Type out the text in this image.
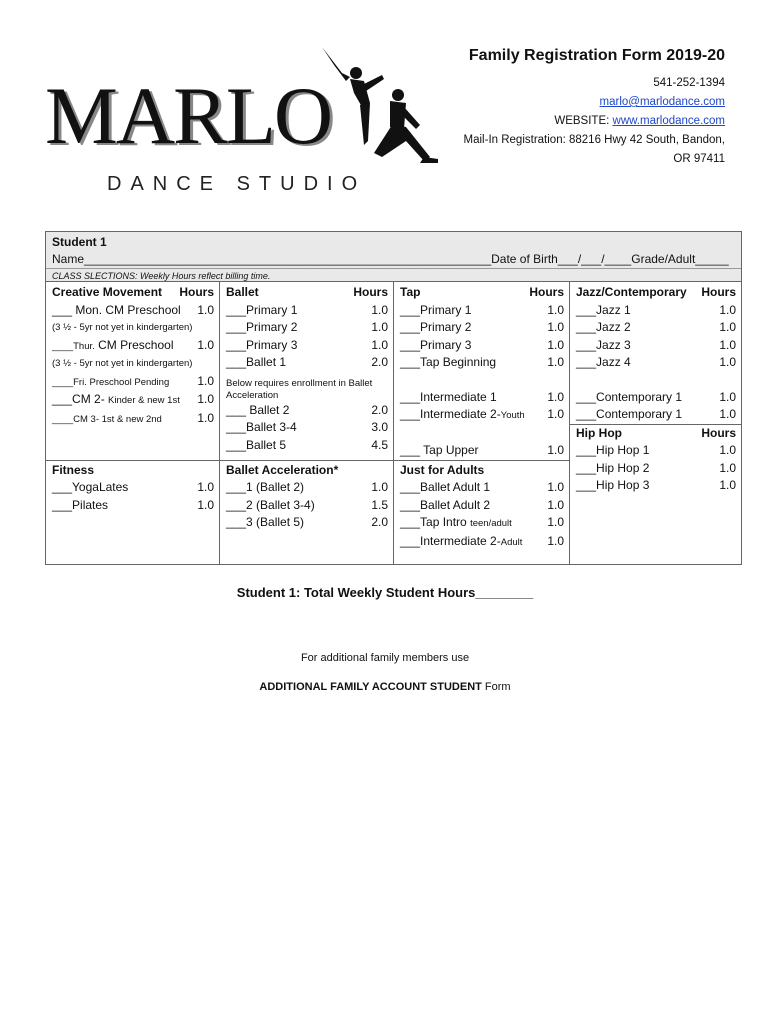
MARLO
DANCE STUDIO
Family Registration Form 2019-20
541-252-1394
marlo@marlodance.com
WEBSITE: www.marlodance.com
Mail-In Registration: 88216 Hwy 42 South, Bandon,
OR 97411
Student 1
Name_____________________________________________________________Date of Birth___/___/____Grade/Adult_____
CLASS SLECTIONS: Weekly Hours reflect billing time.
Creative Movement Hours
___ Mon. CM Preschool 1.0
(3 ½ - 5yr not yet in kindergarten)
____Thur. CM Preschool 1.0
(3 ½ - 5yr not yet in kindergarten)
____Fri. Preschool Pending 1.0
___CM 2- Kinder & new 1st 1.0
____CM 3- 1st & new 2nd	1.0
Fitness
___YogaLates	1.0
___Pilates	1.0
Ballet	Hours
___Primary 1	1.0
___Primary 2	1.0
___Primary 3	1.0
___Ballet 1	2.0
Below requires enrollment in Ballet Acceleration
___ Ballet 2	2.0
___Ballet 3-4	3.0
___Ballet 5	4.5
Ballet Acceleration*
___1 (Ballet 2)	1.0
___2 (Ballet 3-4)	1.5
___3 (Ballet 5)	2.0
Tap	Hours
___Primary 1	1.0
___Primary 2	1.0
___Primary 3	1.0
___Tap Beginning	1.0
___Intermediate 1	1.0
___Intermediate 2-Youth 1.0
___ Tap Upper	1.0
Just for Adults
___Ballet Adult 1	1.0
___Ballet Adult 2	1.0
___Tap Intro teen/adult	1.0
___Intermediate 2-Adult 1.0
Jazz/Contemporary Hours
___Jazz 1	1.0
___Jazz 2	1.0
___Jazz 3	1.0
___Jazz 4	1.0
___Contemporary 1	1.0
___Contemporary 1	1.0
Hip Hop	Hours
___Hip Hop 1	1.0
___Hip Hop 2	1.0
___Hip Hop 3	1.0
Student 1: Total Weekly Student Hours________
For additional family members use
ADDITIONAL FAMILY ACCOUNT STUDENT Form
